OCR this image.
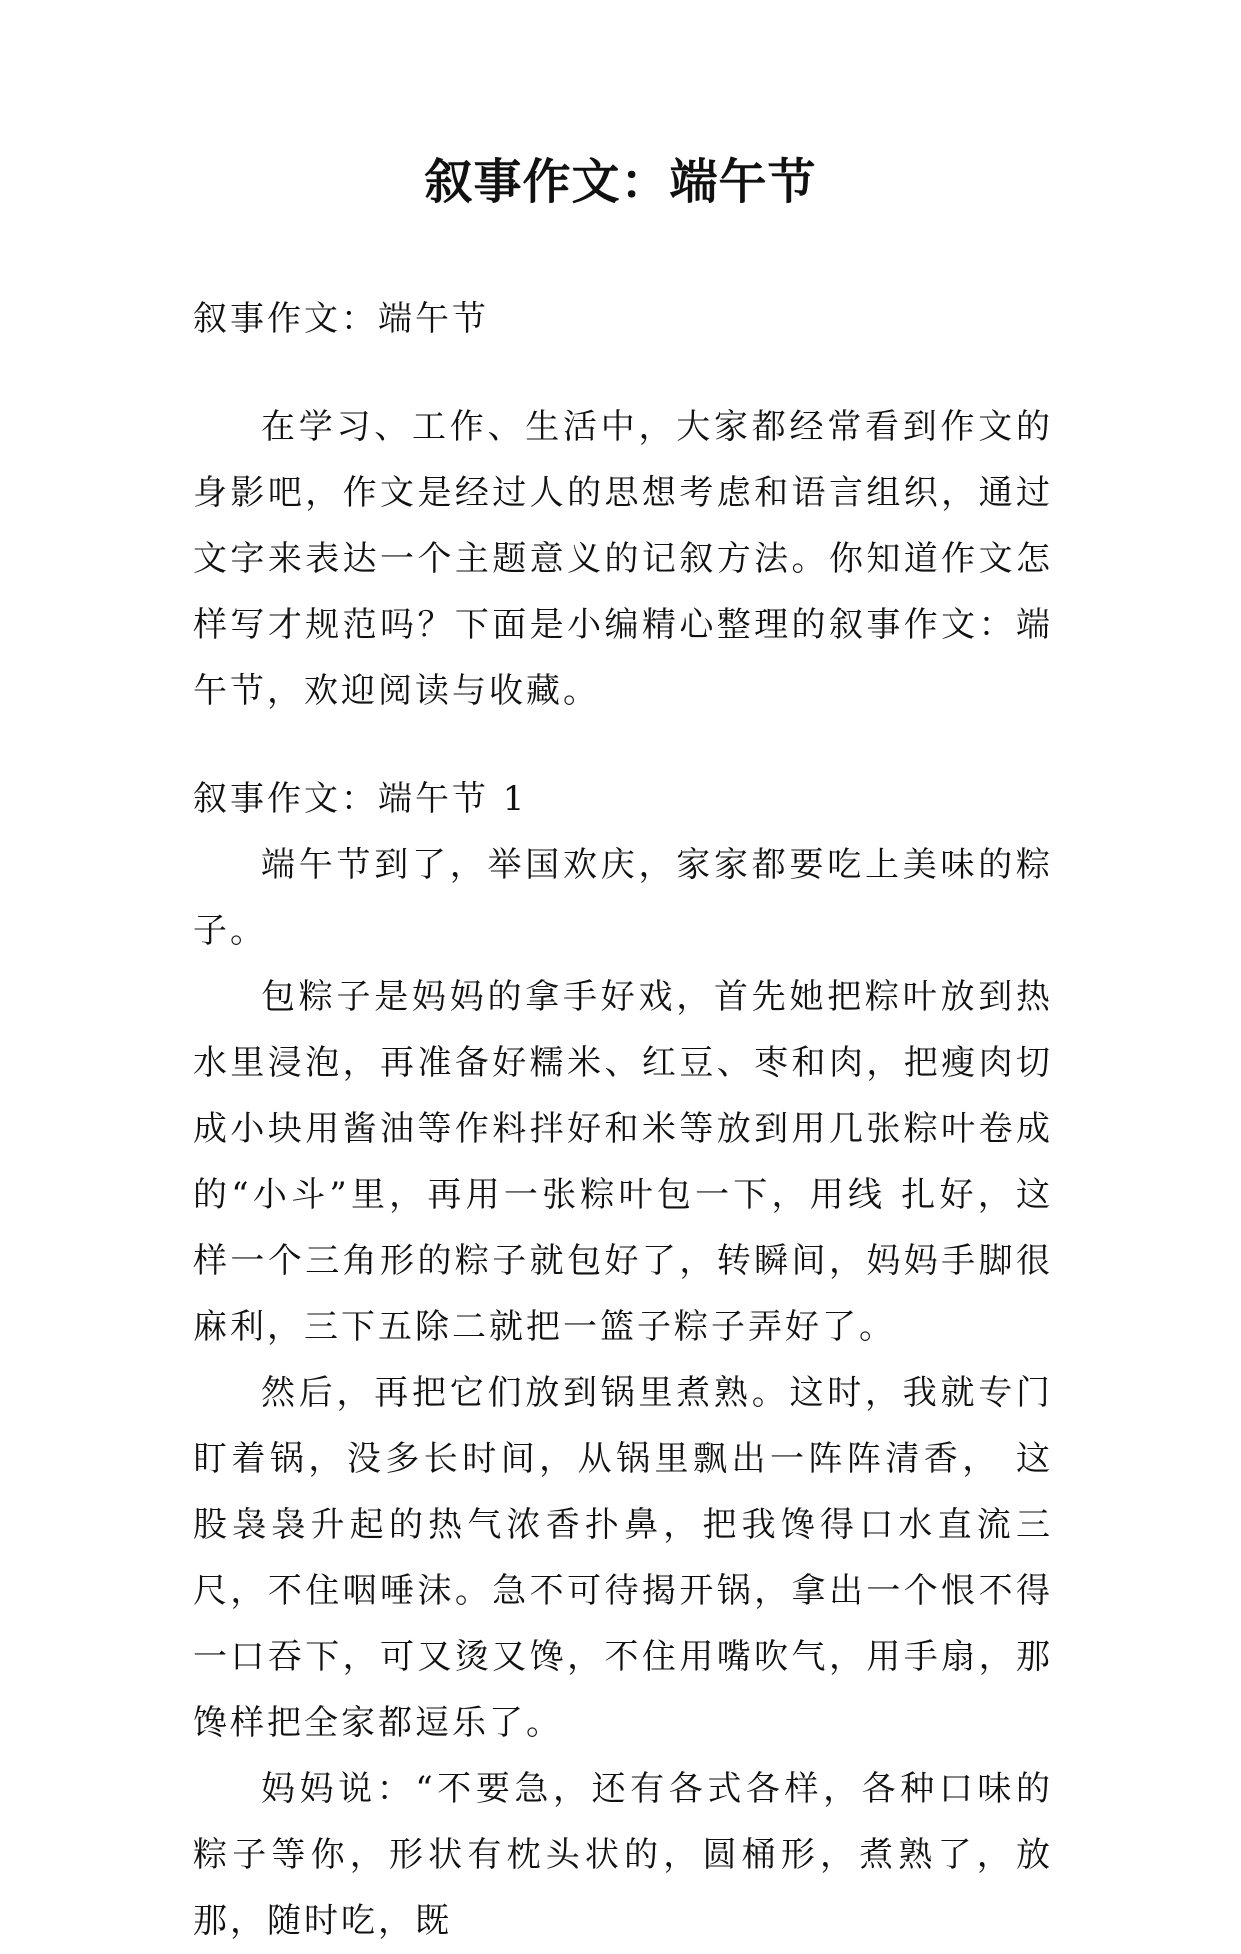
叙事作文：端午节

叙事作文：端午节

在学习、工作、生活中，大家都经常看到作文的身影吧，作文是经过人的思想考虑和语言组织，通过文字来表达一个主题意义的记叙方法。你知道作文怎样写才规范吗？下面是小编精心整理的叙事作文：端午节，欢迎阅读与收藏。

叙事作文：端午节 1

端午节到了，举国欢庆，家家都要吃上美味的粽子。

包粽子是妈妈的拿手好戏，首先她把粽叶放到热水里浸泡，再准备好糯米、红豆、枣和肉，把瘦肉切成小块用酱油等作料拌好和米等放到用几张粽叶卷成的“小斗”里，再用一张粽叶包一下，用线 扎好，这样一个三角形的粽子就包好了，转瞬间，妈妈手脚很麻利，三下五除二就把一篮子粽子弄好了。

然后，再把它们放到锅里煮熟。这时，我就专门盯着锅，没多长时间，从锅里飘出一阵阵清香， 这股袅袅升起的热气浓香扑鼻，把我馋得口水直流三尺，不住咽唾沫。急不可待揭开锅，拿出一个恨不得一口吞下，可又烫又馋，不住用嘴吹气，用手扇，那馋样把全家都逗乐了。

妈妈说：“不要急，还有各式各样，各种口味的粽子等你，形状有枕头状的，圆桶形，煮熟了，放那，随时吃，既
